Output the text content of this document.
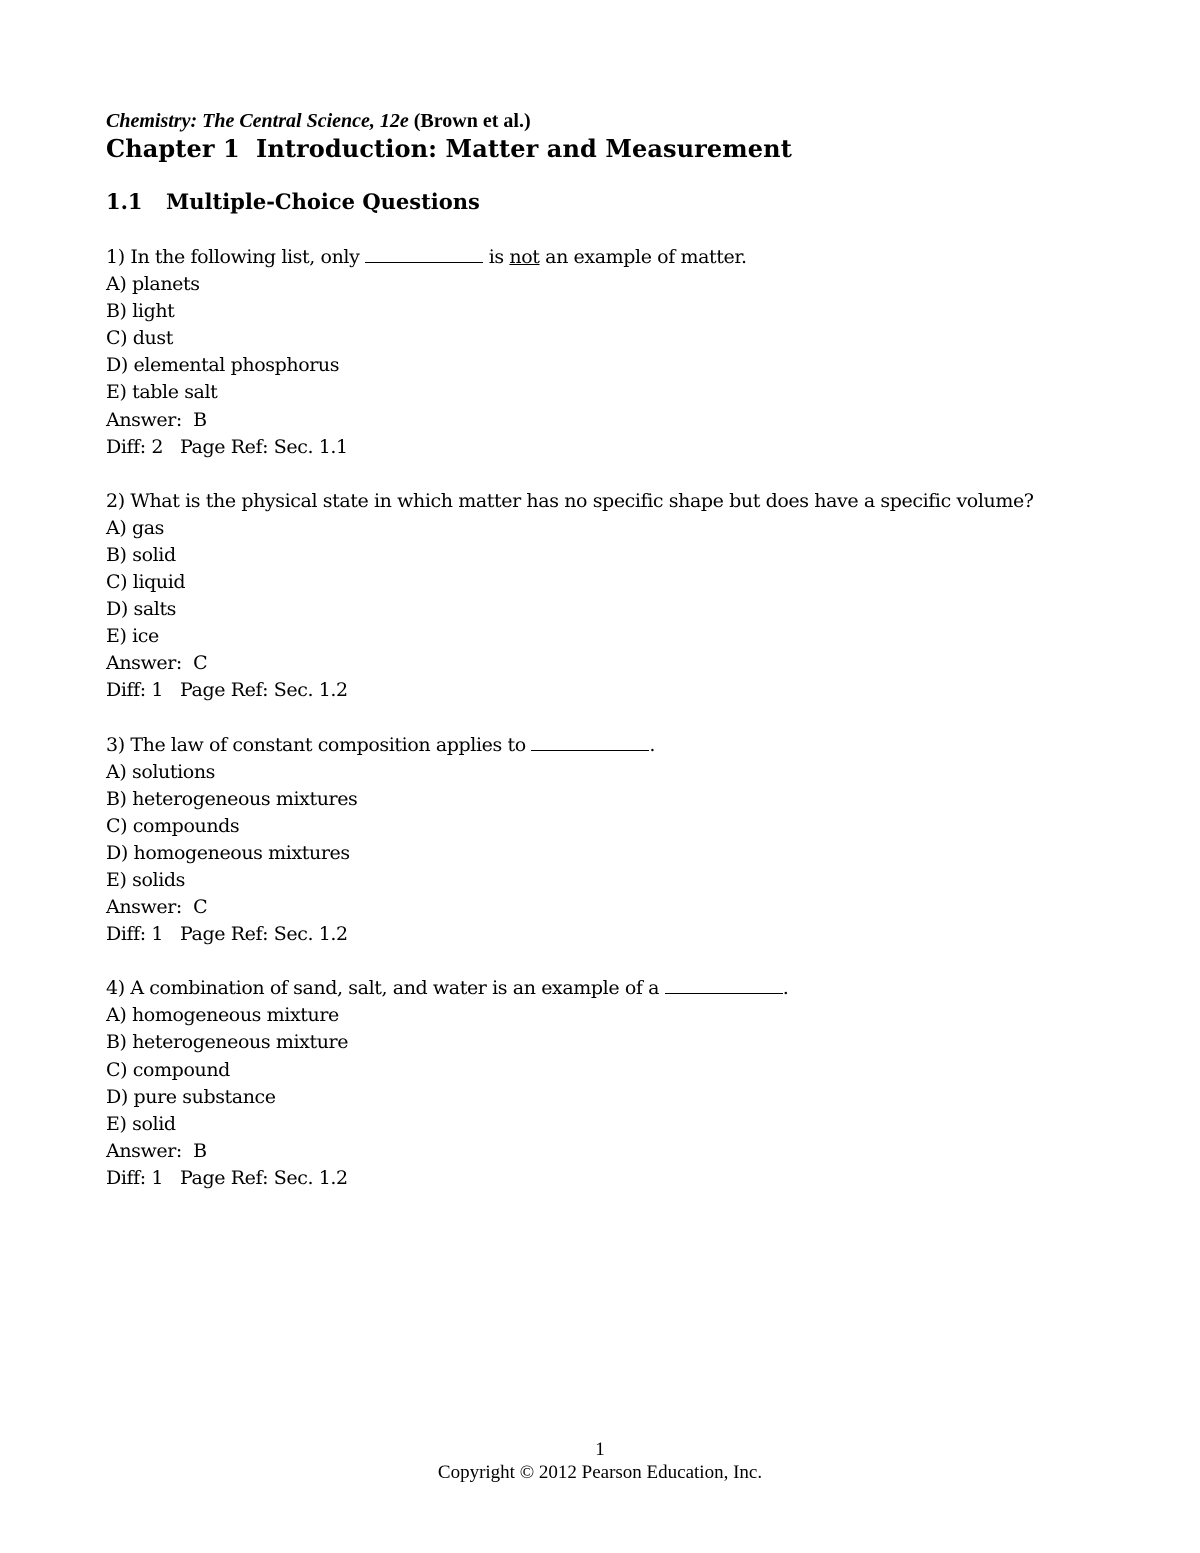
Chemistry: The Central Science, 12e (Brown et al.)
Chapter 1 Introduction: Matter and Measurement
1.1 Multiple-Choice Questions
1) In the following list, only	is not an example of matter.
A) planets
B) light
C) dust
D) elemental phosphorus
E) table salt
Answer:  B
Diff: 2   Page Ref: Sec. 1.1
2) What is the physical state in which matter has no specific shape but does have a specific volume?
A) gas
B) solid
C) liquid
D) salts
E) ice
Answer:  C
Diff: 1   Page Ref: Sec. 1.2
3) The law of constant composition applies to	.
A) solutions
B) heterogeneous mixtures
C) compounds
D) homogeneous mixtures
E) solids
Answer:  C
Diff: 1   Page Ref: Sec. 1.2
4) A combination of sand, salt, and water is an example of a	.
A) homogeneous mixture
B) heterogeneous mixture
C) compound
D) pure substance
E) solid
Answer:  B
Diff: 1   Page Ref: Sec. 1.2
1
Copyright © 2012 Pearson Education, Inc.
